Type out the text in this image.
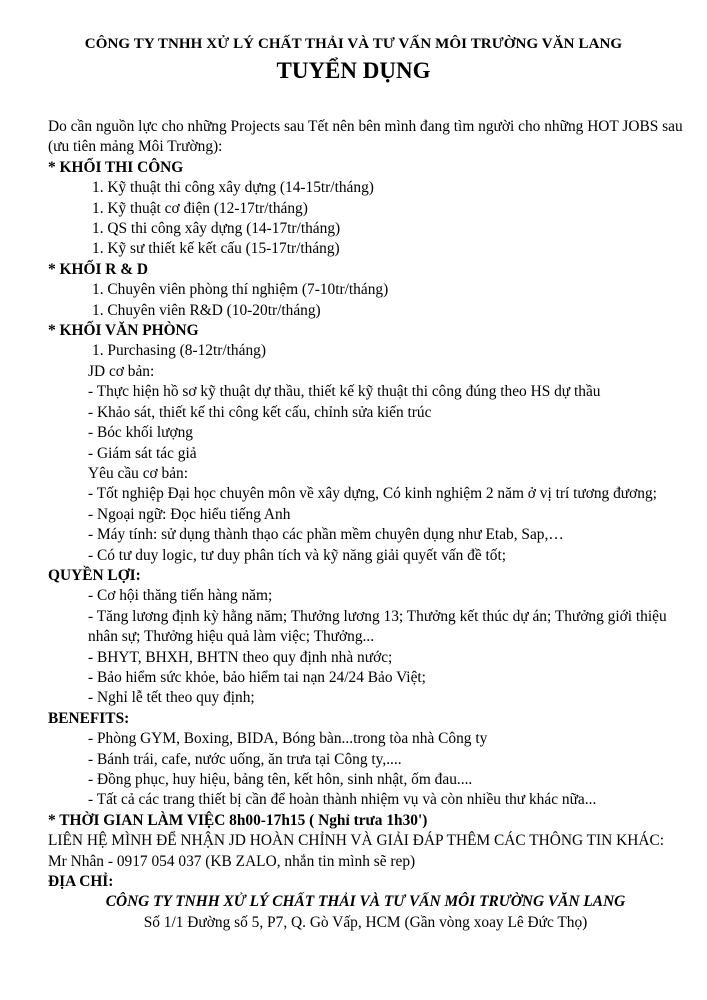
CÔNG TY TNHH XỬ LÝ CHẤT THẢI VÀ TƯ VẤN MÔI TRƯỜNG VĂN LANG
TUYỂN DỤNG
Do cần nguồn lực cho những Projects sau Tết nên bên mình đang tìm người cho những HOT JOBS sau (ưu tiên mảng Môi Trường):
* KHỐI THI CÔNG
1. Kỹ thuật thi công xây dựng (14-15tr/tháng)
1. Kỹ thuật cơ điện (12-17tr/tháng)
1. QS thi công xây dựng (14-17tr/tháng)
1. Kỹ sư thiết kế kết cấu (15-17tr/tháng)
* KHỐI R & D
1. Chuyên viên phòng thí nghiệm (7-10tr/tháng)
1. Chuyên viên R&D (10-20tr/tháng)
* KHỐI VĂN PHÒNG
1. Purchasing (8-12tr/tháng)
JD cơ bản:
- Thực hiện hồ sơ kỹ thuật dự thầu, thiết kế kỹ thuật thi công đúng theo HS dự thầu
- Khảo sát, thiết kế thi công kết cấu, chỉnh sửa kiến trúc
- Bóc khối lượng
- Giám sát tác giả
Yêu cầu cơ bản:
- Tốt nghiệp Đại học chuyên môn về xây dựng, Có kinh nghiệm 2 năm ở vị trí tương đương;
- Ngoại ngữ: Đọc hiểu tiếng Anh
- Máy tính: sử dụng thành thạo các phần mềm chuyên dụng như Etab, Sap,…
- Có tư duy logic, tư duy phân tích và kỹ năng giải quyết vấn đề tốt;
QUYỀN LỢI:
- Cơ hội thăng tiến hàng năm;
- Tăng lương định kỳ hằng năm; Thưởng lương 13; Thưởng kết thúc dự án; Thưởng giới thiệu nhân sự; Thưởng hiệu quả làm việc; Thưởng...
- BHYT, BHXH, BHTN theo quy định nhà nước;
- Bảo hiểm sức khỏe, bảo hiểm tai nạn 24/24 Bảo Việt;
- Nghỉ lễ tết theo quy định;
BENEFITS:
- Phòng GYM, Boxing, BIDA, Bóng bàn...trong tòa nhà Công ty
- Bánh trái, cafe, nước uống, ăn trưa tại Công ty,....
- Đồng phục, huy hiệu, bảng tên, kết hôn, sinh nhật, ốm đau....
- Tất cả các trang thiết bị cần để hoàn thành nhiệm vụ và còn nhiều thư khác nữa...
* THỜI GIAN LÀM VIỆC 8h00-17h15 ( Nghỉ trưa 1h30')
LIÊN HỆ MÌNH ĐỂ NHẬN JD HOÀN CHỈNH VÀ GIẢI ĐÁP THÊM CÁC THÔNG TIN KHÁC: Mr Nhân - 0917 054 037 (KB ZALO, nhắn tin mình sẽ rep)
ĐỊA CHỈ:
CÔNG TY TNHH XỬ LÝ CHẤT THẢI VÀ TƯ VẤN MÔI TRƯỜNG VĂN LANG
Số 1/1 Đường số 5, P7, Q. Gò Vấp, HCM (Gần vòng xoay Lê Đức Thọ)
